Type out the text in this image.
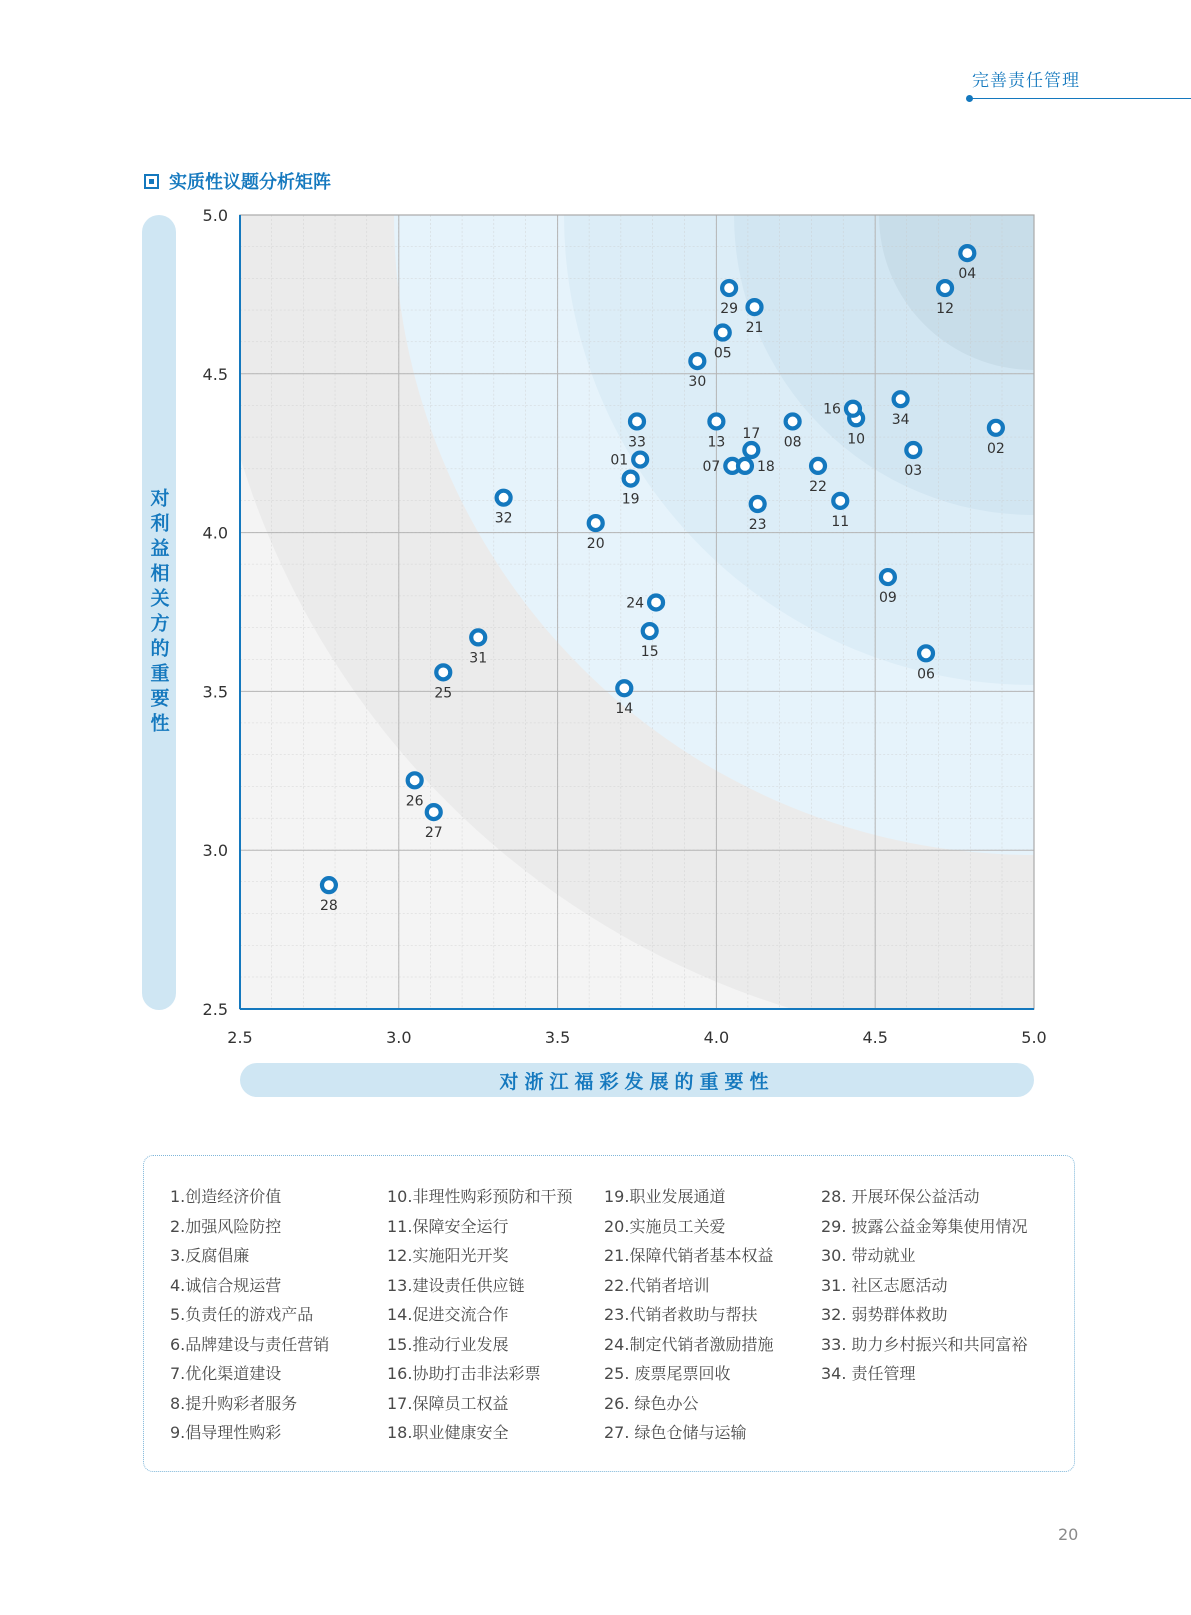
完善责任管理
实质性议题分析矩阵
对利益相关方的重要性
2.5	3.0	3.5	4.0	4.5	5.0
2.5
3.0
3.5
4.0
4.5
5.0
01
02
03
04
05
06
07
08
09
10
11
12
13
14
15
16
17
18
19
20
21
22
23
24
25
26
27
28
29
30
31
32
33
34
对浙江福彩发展的重要性
1.创造经济价值
2.加强风险防控
3.反腐倡廉
4.诚信合规运营
5.负责任的游戏产品
6.品牌建设与责任营销
7.优化渠道建设
8.提升购彩者服务
9.倡导理性购彩
10.非理性购彩预防和干预
11.保障安全运行
12.实施阳光开奖
13.建设责任供应链
14.促进交流合作
15.推动行业发展
16.协助打击非法彩票
17.保障员工权益
18.职业健康安全
19.职业发展通道
20.实施员工关爱
21.保障代销者基本权益
22.代销者培训
23.代销者救助与帮扶
24.制定代销者激励措施
25. 废票尾票回收
26. 绿色办公
27. 绿色仓储与运输
28. 开展环保公益活动
29. 披露公益金筹集使用情况
30. 带动就业
31. 社区志愿活动
32. 弱势群体救助
33. 助力乡村振兴和共同富裕
34. 责任管理
20
